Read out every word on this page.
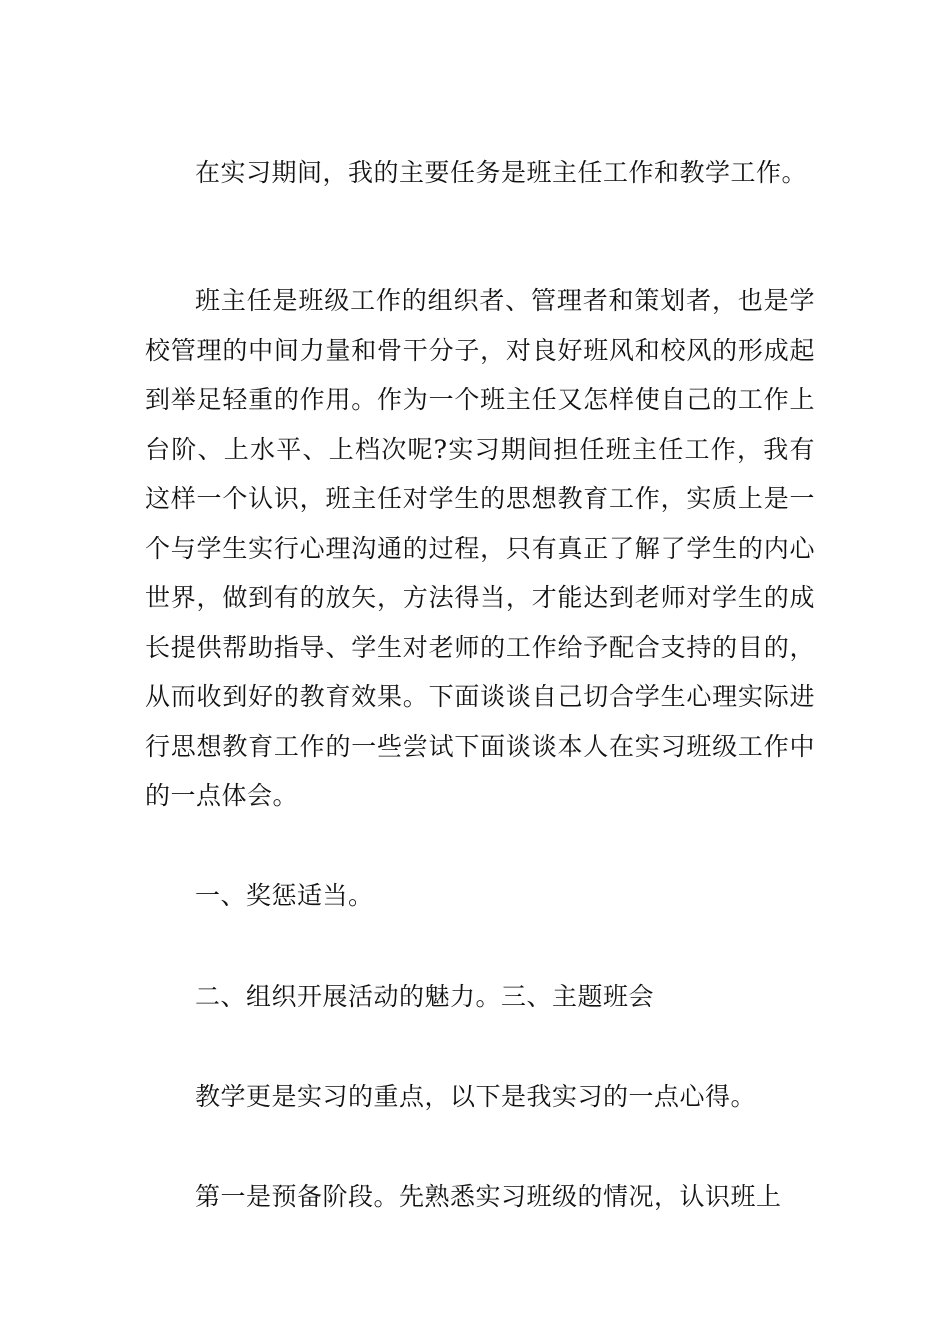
在实习期间，我的主要任务是班主任工作和教学工作。

班主任是班级工作的组织者、管理者和策划者，也是学校管理的中间力量和骨干分子，对良好班风和校风的形成起到举足轻重的作用。作为一个班主任又怎样使自己的工作上台阶、上水平、上档次呢?实习期间担任班主任工作，我有这样一个认识，班主任对学生的思想教育工作，实质上是一个与学生实行心理沟通的过程，只有真正了解了学生的内心世界，做到有的放矢，方法得当，才能达到老师对学生的成长提供帮助指导、学生对老师的工作给予配合支持的目的，从而收到好的教育效果。下面谈谈自己切合学生心理实际进行思想教育工作的一些尝试下面谈谈本人在实习班级工作中的一点体会。

一、奖惩适当。

二、组织开展活动的魅力。三、主题班会

教学更是实习的重点，以下是我实习的一点心得。

第一是预备阶段。先熟悉实习班级的情况，认识班上
